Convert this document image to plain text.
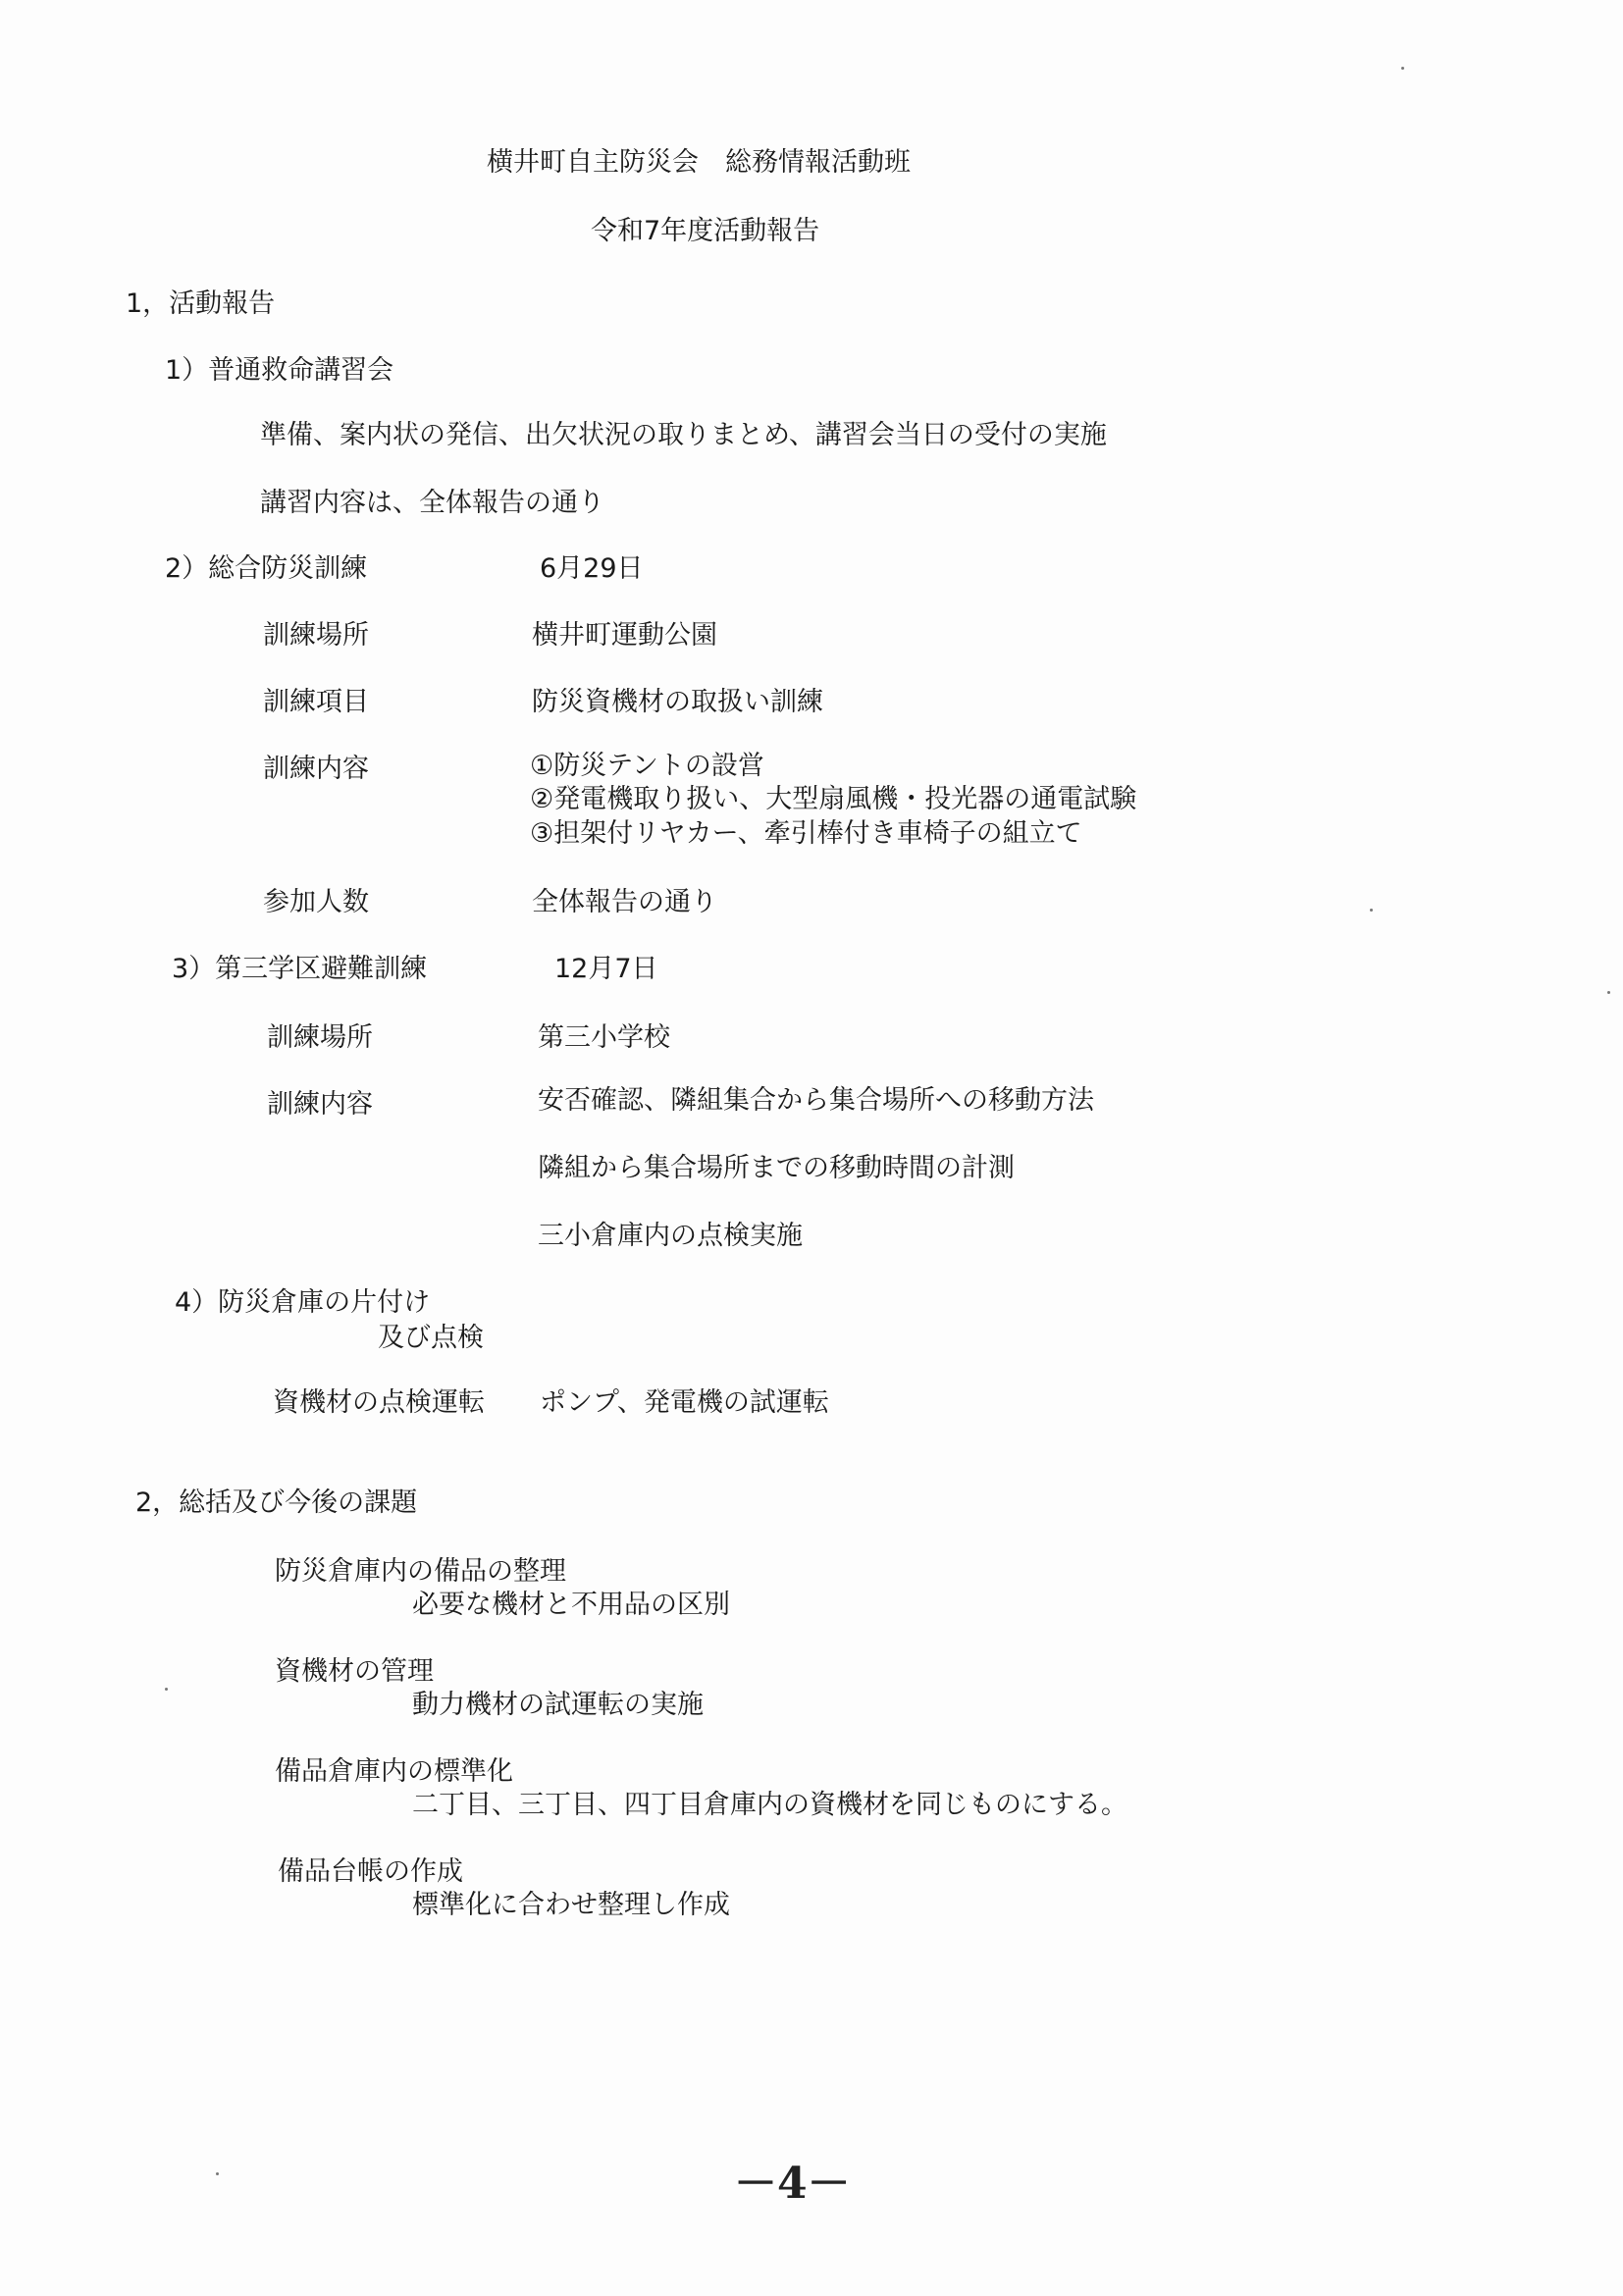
横井町自主防災会　総務情報活動班
令和7年度活動報告
1，活動報告
1）普通救命講習会
準備、案内状の発信、出欠状況の取りまとめ、講習会当日の受付の実施
講習内容は、全体報告の通り
2）総合防災訓練	6月29日
訓練場所	横井町運動公園
訓練項目	防災資機材の取扱い訓練
訓練内容	①防災テントの設営
②発電機取り扱い、大型扇風機・投光器の通電試験
③担架付リヤカー、牽引棒付き車椅子の組立て
参加人数	全体報告の通り
3）第三学区避難訓練	12月7日
訓練場所	第三小学校
訓練内容	安否確認、隣組集合から集合場所への移動方法
隣組から集合場所までの移動時間の計測
三小倉庫内の点検実施
4）防災倉庫の片付け
及び点検
資機材の点検運転 ポンプ、発電機の試運転
2，総括及び今後の課題
防災倉庫内の備品の整理
必要な機材と不用品の区別
資機材の管理
動力機材の試運転の実施
備品倉庫内の標準化
二丁目、三丁目、四丁目倉庫内の資機材を同じものにする。
備品台帳の作成
標準化に合わせ整理し作成
－4－
